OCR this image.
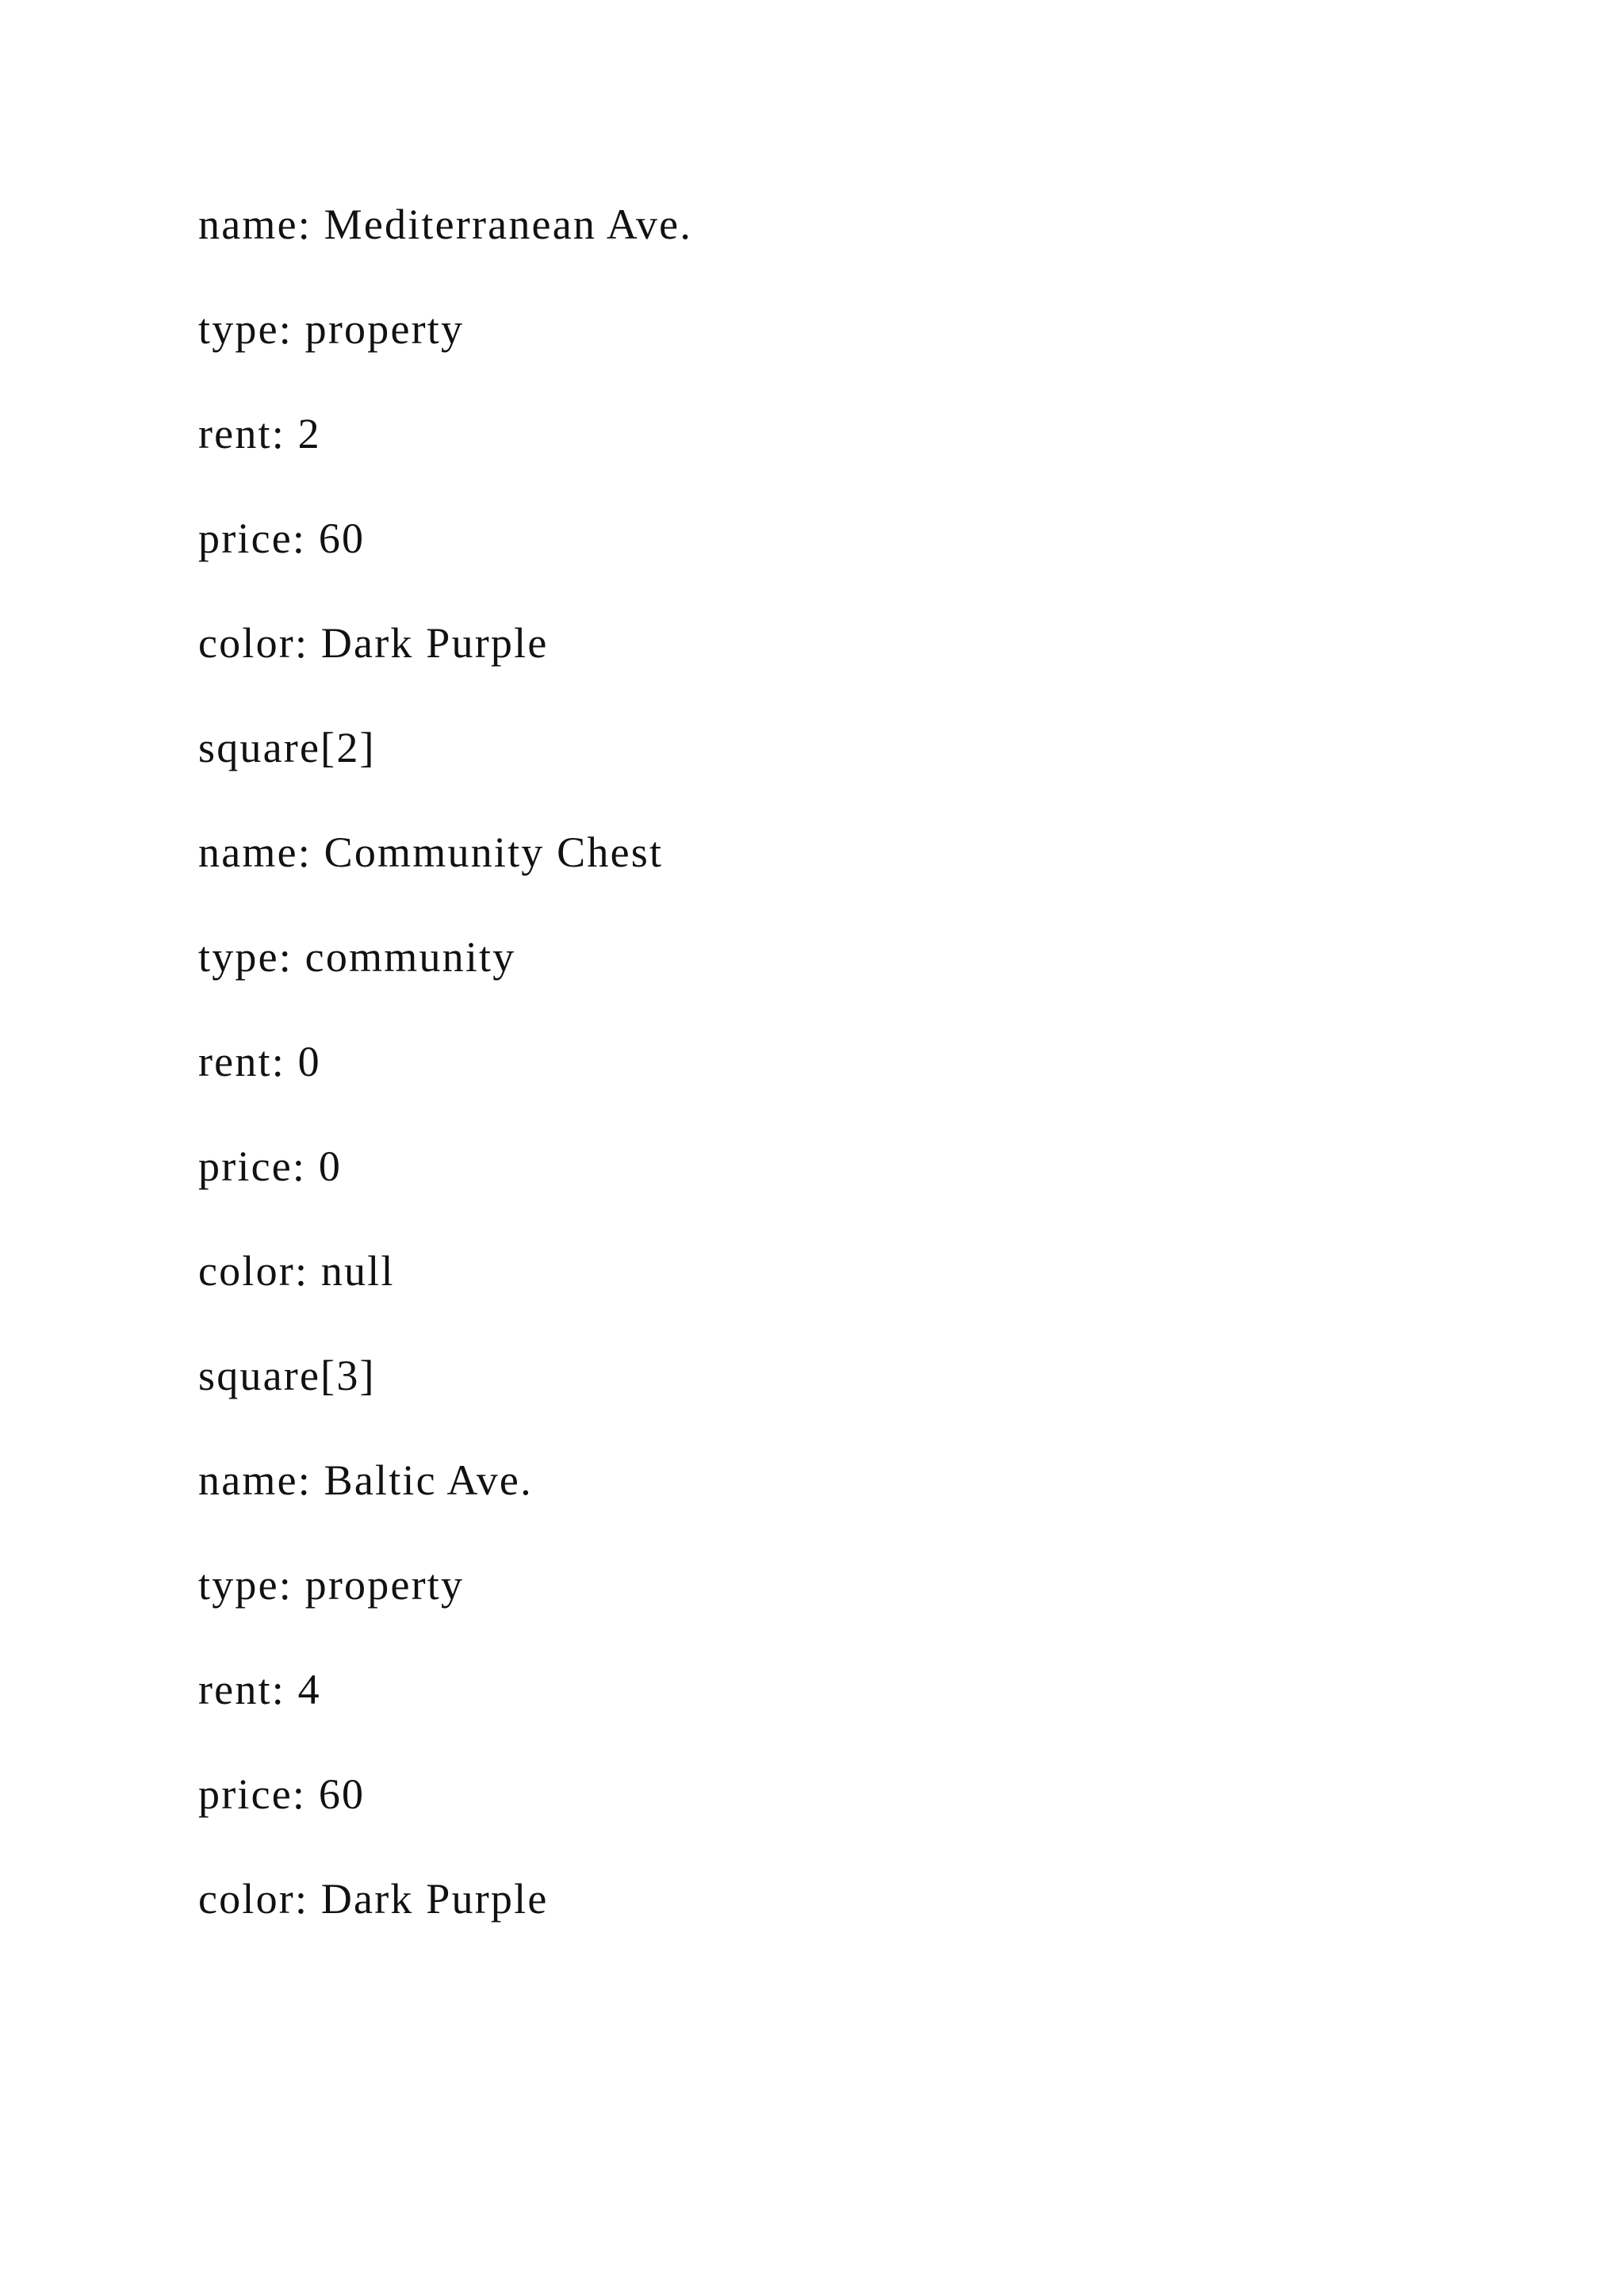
name: Mediterranean Ave.
type: property
rent: 2
price: 60
color: Dark Purple
square[2]
name: Community Chest
type: community
rent: 0
price: 0
color: null
square[3]
name: Baltic Ave.
type: property
rent: 4
price: 60
color: Dark Purple
